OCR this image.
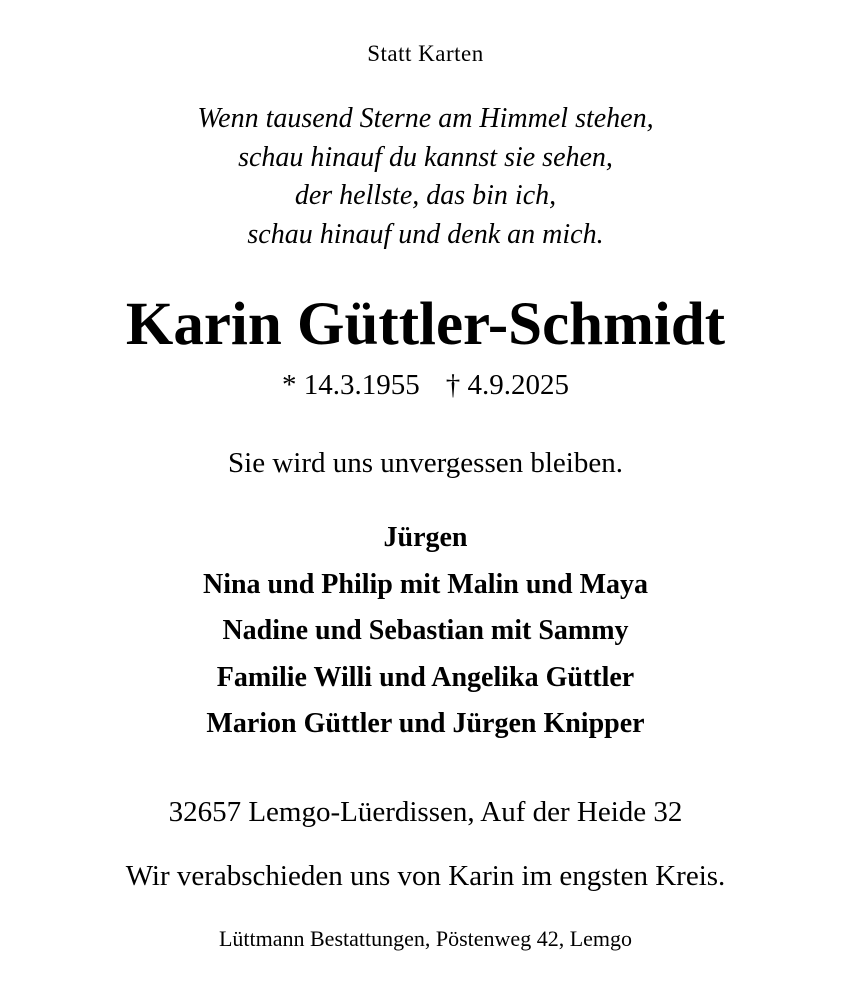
Statt Karten
Wenn tausend Sterne am Himmel stehen,
schau hinauf du kannst sie sehen,
der hellste, das bin ich,
schau hinauf und denk an mich.
Karin Güttler-Schmidt
* 14.3.1955 † 4.9.2025
Sie wird uns unvergessen bleiben.
Jürgen
Nina und Philip mit Malin und Maya
Nadine und Sebastian mit Sammy
Familie Willi und Angelika Güttler
Marion Güttler und Jürgen Knipper
32657 Lemgo-Lüerdissen, Auf der Heide 32
Wir verabschieden uns von Karin im engsten Kreis.
Lüttmann Bestattungen, Pöstenweg 42, Lemgo
